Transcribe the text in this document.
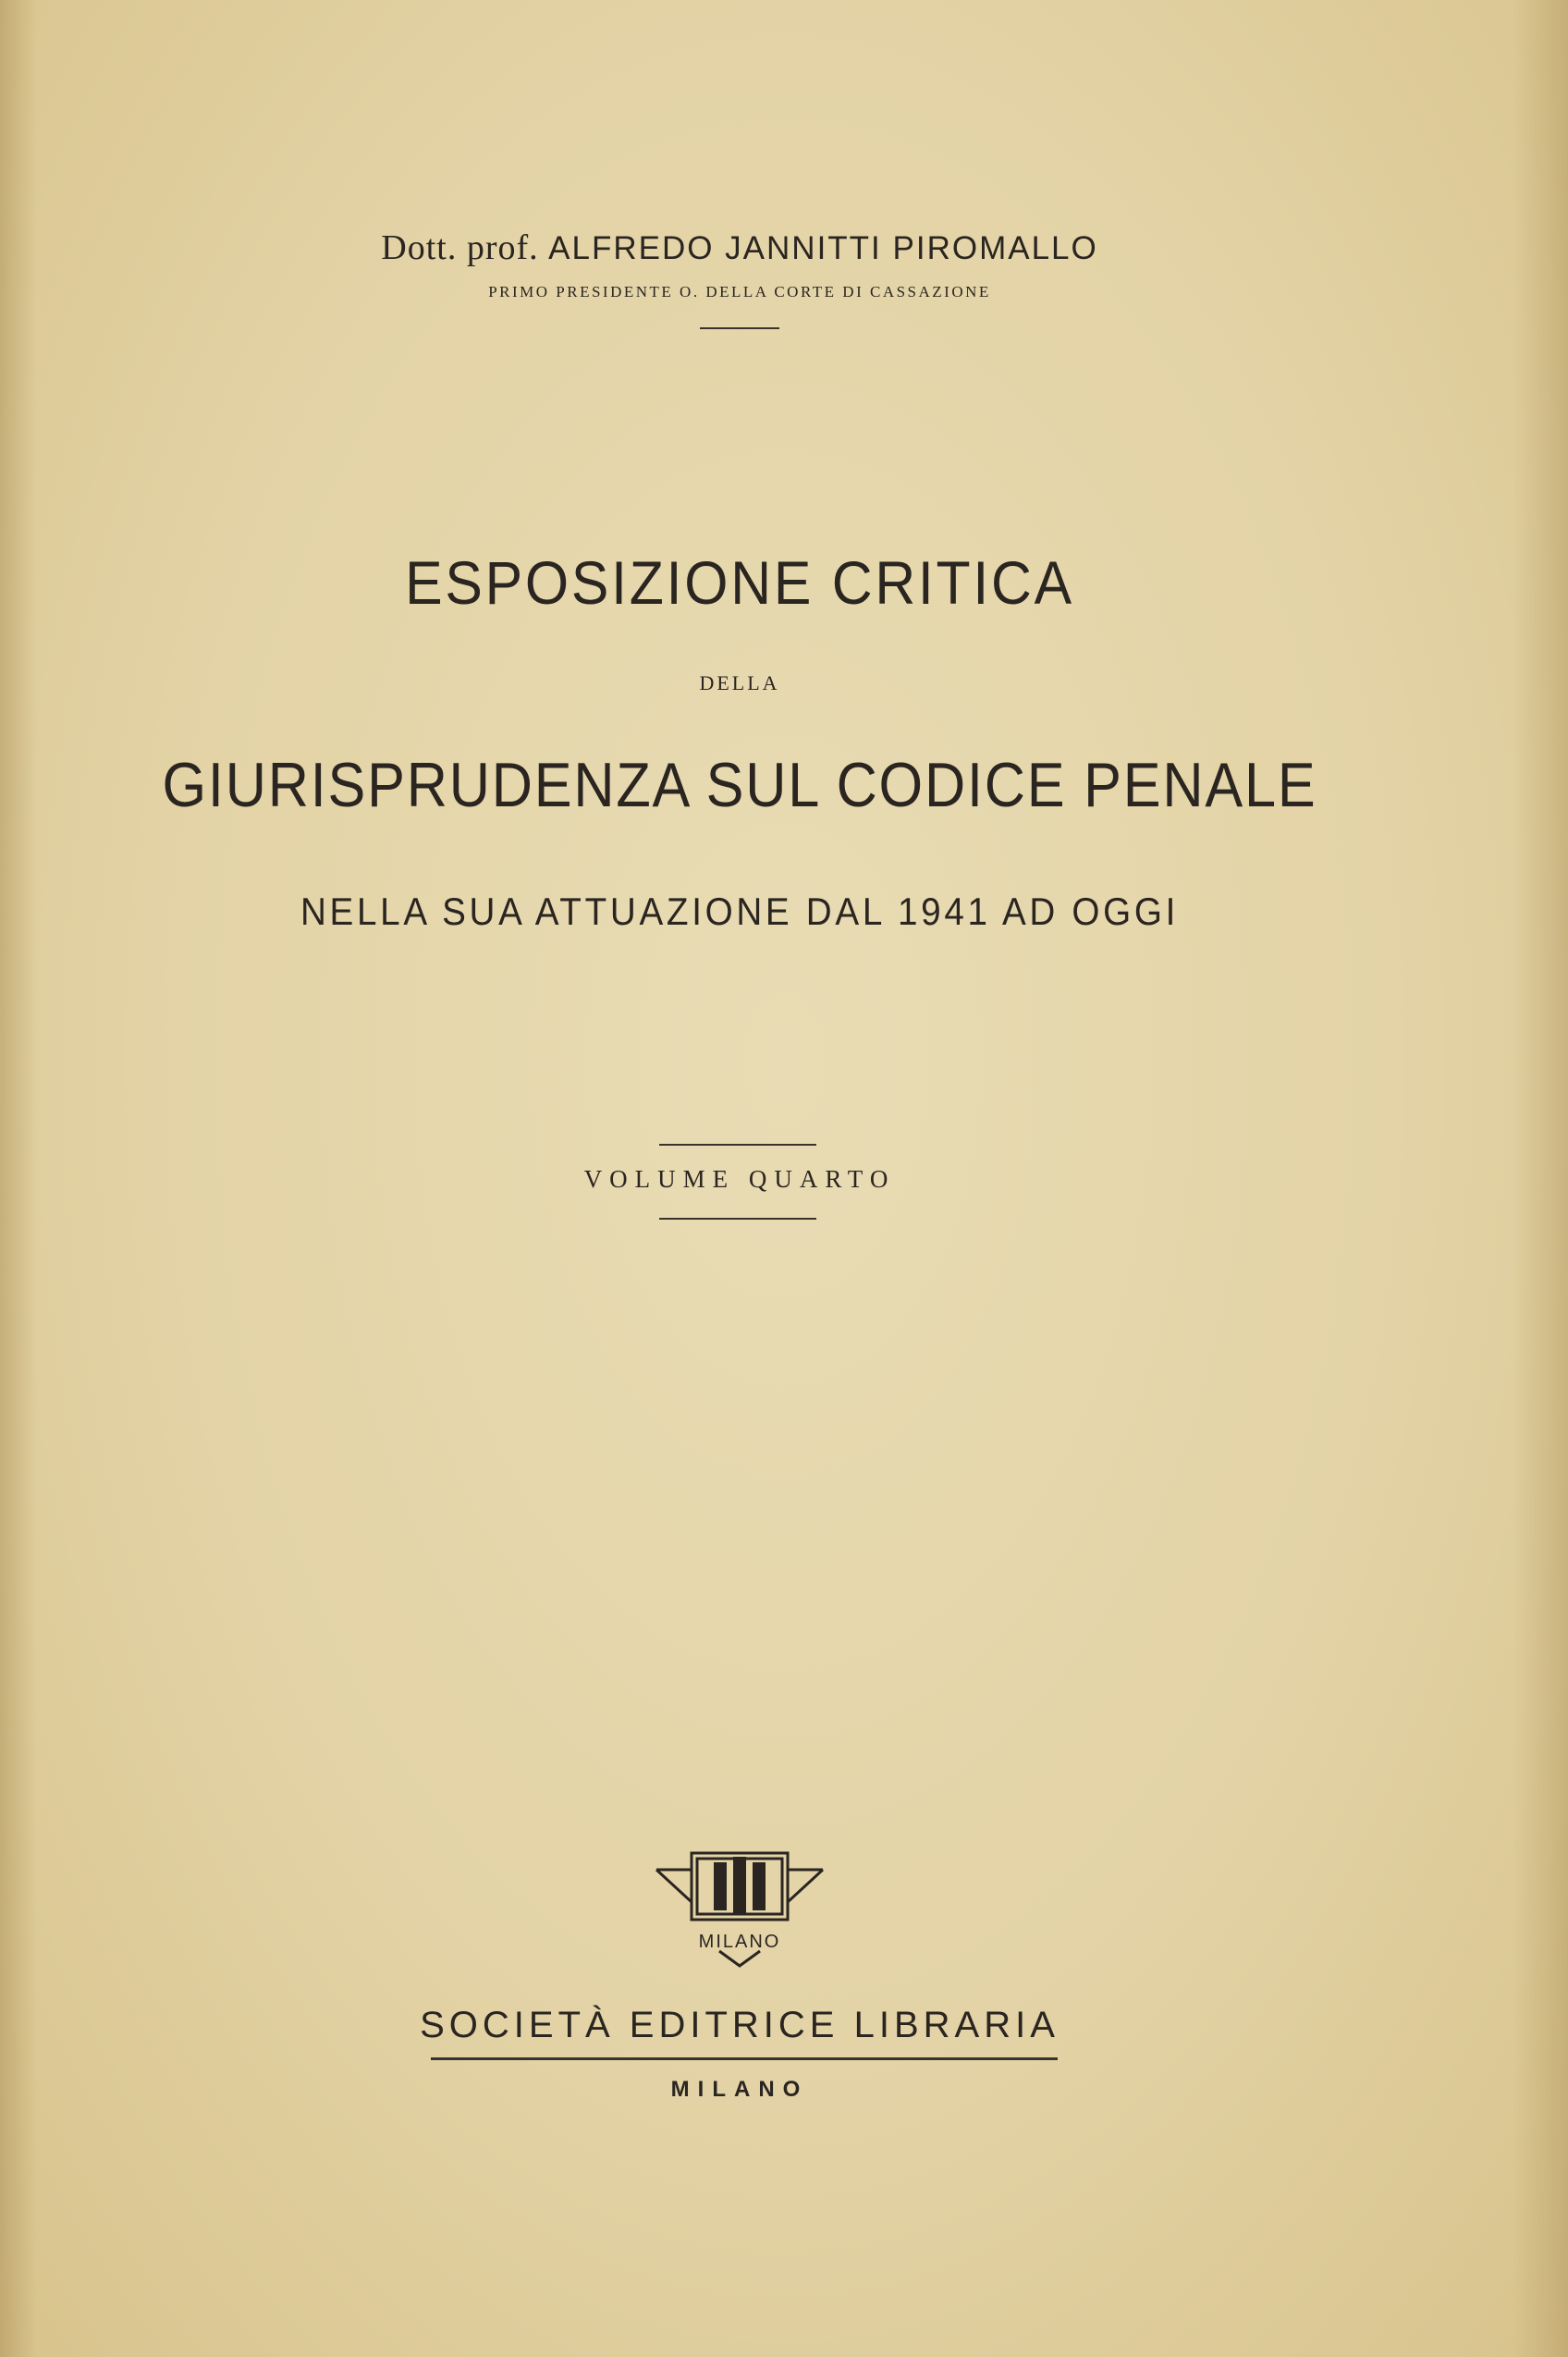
Dott. prof. ALFREDO JANNITTI PIROMALLO
PRIMO PRESIDENTE O. DELLA CORTE DI CASSAZIONE
ESPOSIZIONE CRITICA
DELLA
GIURISPRUDENZA SUL CODICE PENALE
NELLA SUA ATTUAZIONE DAL 1941 AD OGGI
VOLUME QUARTO
MILANO
SOCIETÀ EDITRICE LIBRARIA
MILANO
